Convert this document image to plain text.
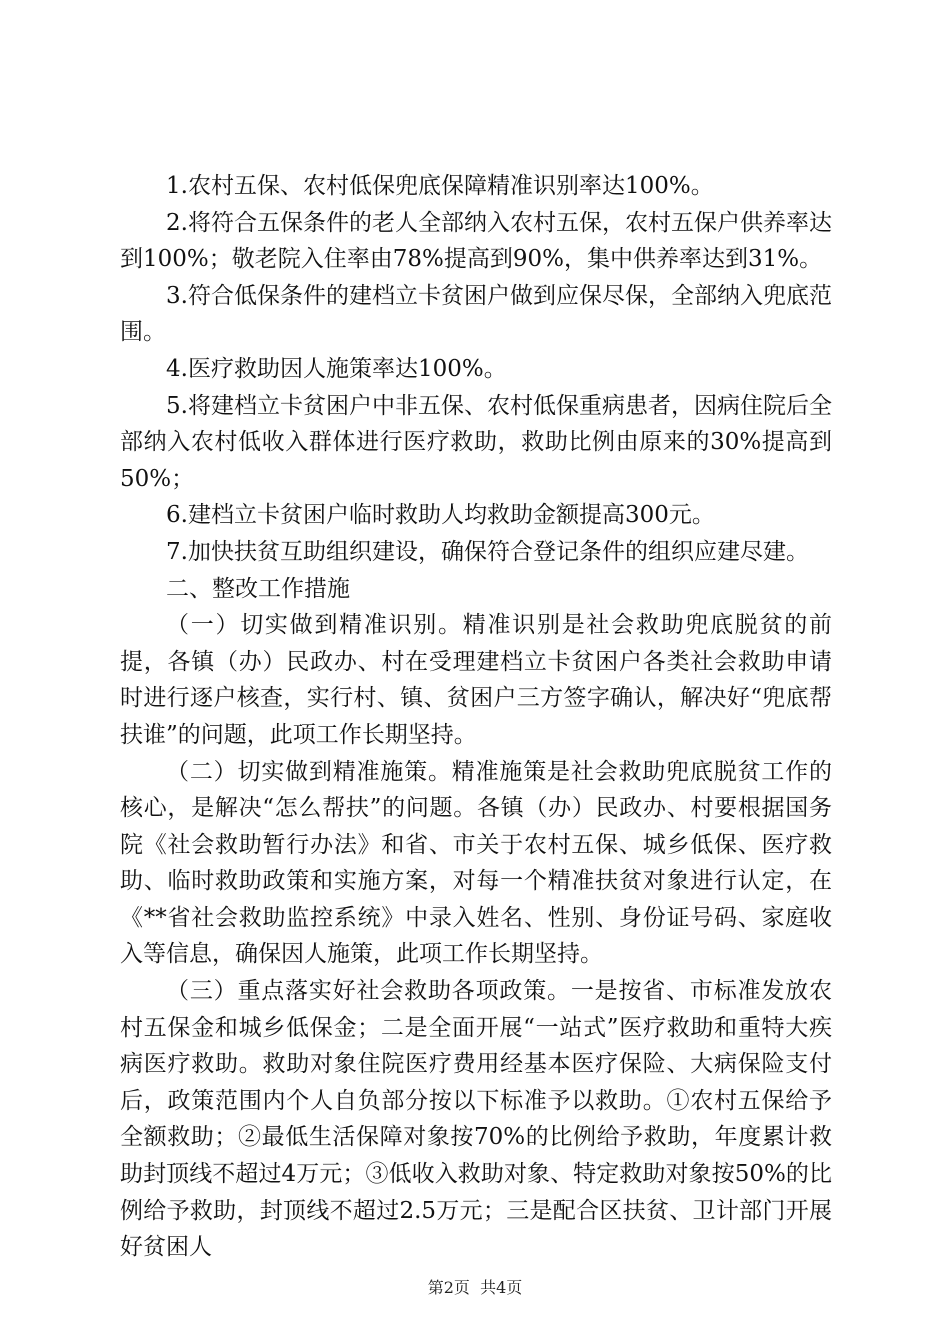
1.农村五保、农村低保兜底保障精准识别率达100%。

2.将符合五保条件的老人全部纳入农村五保，农村五保户供养率达到100%；敬老院入住率由78%提高到90%，集中供养率达到31%。

3.符合低保条件的建档立卡贫困户做到应保尽保，全部纳入兜底范围。

4.医疗救助因人施策率达100%。

5.将建档立卡贫困户中非五保、农村低保重病患者，因病住院后全部纳入农村低收入群体进行医疗救助，救助比例由原来的30%提高到50%；

6.建档立卡贫困户临时救助人均救助金额提高300元。

7.加快扶贫互助组织建设，确保符合登记条件的组织应建尽建。

二、整改工作措施

（一）切实做到精准识别。精准识别是社会救助兜底脱贫的前提，各镇（办）民政办、村在受理建档立卡贫困户各类社会救助申请时进行逐户核查，实行村、镇、贫困户三方签字确认，解决好“兜底帮扶谁”的问题，此项工作长期坚持。

（二）切实做到精准施策。精准施策是社会救助兜底脱贫工作的核心，是解决“怎么帮扶”的问题。各镇（办）民政办、村要根据国务院《社会救助暂行办法》和省、市关于农村五保、城乡低保、医疗救助、临时救助政策和实施方案，对每一个精准扶贫对象进行认定，在《**省社会救助监控系统》中录入姓名、性别、身份证号码、家庭收入等信息，确保因人施策，此项工作长期坚持。

（三）重点落实好社会救助各项政策。一是按省、市标准发放农村五保金和城乡低保金；二是全面开展“一站式”医疗救助和重特大疾病医疗救助。救助对象住院医疗费用经基本医疗保险、大病保险支付后，政策范围内个人自负部分按以下标准予以救助。①农村五保给予全额救助；②最低生活保障对象按70%的比例给予救助，年度累计救助封顶线不超过4万元；③低收入救助对象、特定救助对象按50%的比例给予救助，封顶线不超过2.5万元；三是配合区扶贫、卫计部门开展好贫困人

第2页  共4页
